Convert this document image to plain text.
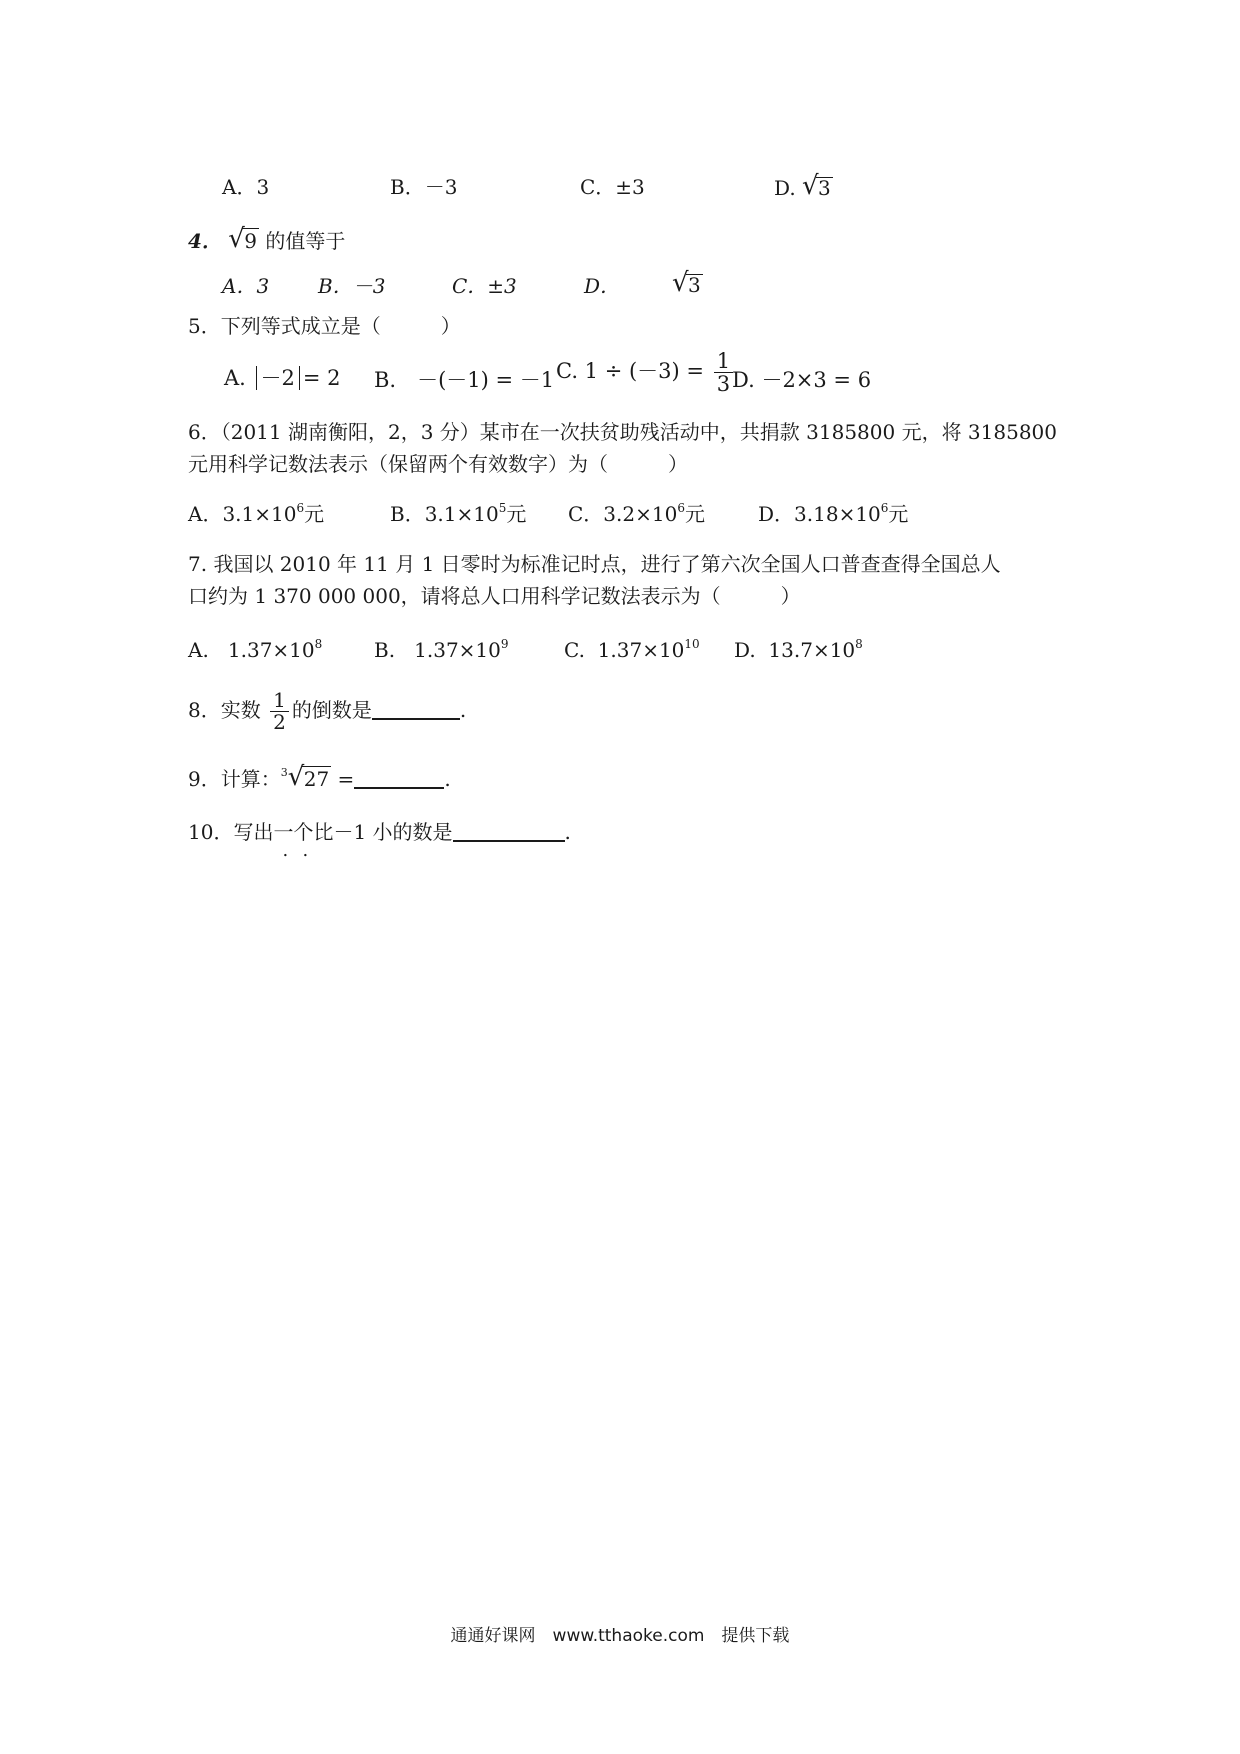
A．3	B．－3	C．±3	D. √ 3
4． √ 9 的值等于
A．3 B．－3	C．±3	D． √ 3
5．下列等式成立是（　　　）
A. －2 = 2 B.　－(－1) = －1 C. $1 \div (-3) = \frac{1}{3}$
D. －2×3 = 6
6．（2011 湖南衡阳，2，3 分）某市在一次扶贫助残活动中，共捐款 3185800 元，将 3185800
元用科学记数法表示（保留两个有效数字）为（　　　）
A．$3.1\times 10^6$元	B．$3.1\times 10^5$元 C．$3.2\times 10^6$元	D．$3.18\times 10^6$元
7. 我国以 2010 年 11 月 1 日零时为标准记时点，进行了第六次全国人口普查查得全国总人
口约为 1 370 000 000，请将总人口用科学记数法表示为（　　　）
A. $1.37\times 10^8$	B. $1.37\times 10^9$	C. $1.37\times 10^{10}$ D. $13.7\times 10^8$
8．实数 $\frac{1}{2}$ 的倒数是	.
9．计算：$^3$ √ 27 =	.
10．写出一个比－1 小的数是	.
通通好课网　www.tthaoke.com　提供下载
